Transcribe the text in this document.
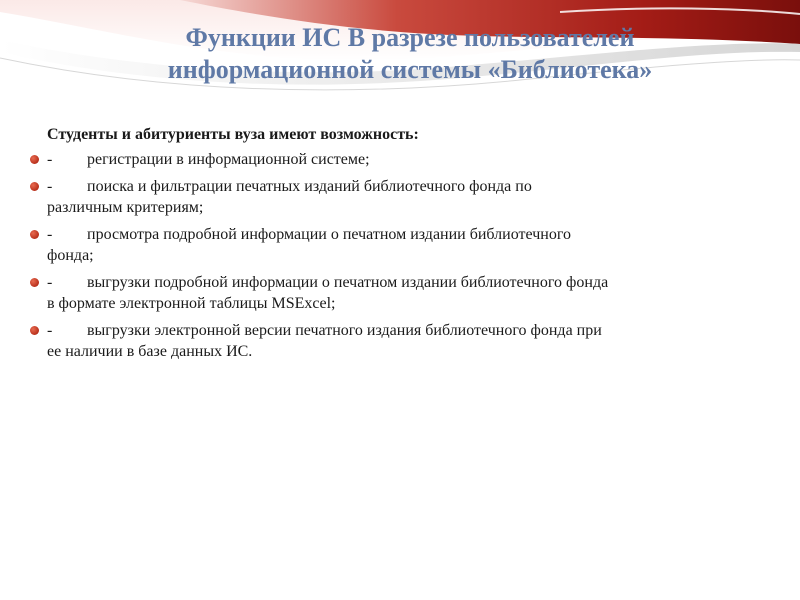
Функции ИС В разрезе пользователей
информационной системы «Библиотека»

Студенты и абитуриенты вуза имеют возможность:

- регистрации в информационной системе;
- поиска и фильтрации печатных изданий библиотечного фонда по
различным критериям;
- просмотра подробной информации о печатном издании библиотечного
фонда;
- выгрузки подробной информации о печатном издании библиотечного фонда
в формате электронной таблицы MSExcel;
- выгрузки электронной версии печатного издания библиотечного фонда при
ее наличии в базе данных ИС.
